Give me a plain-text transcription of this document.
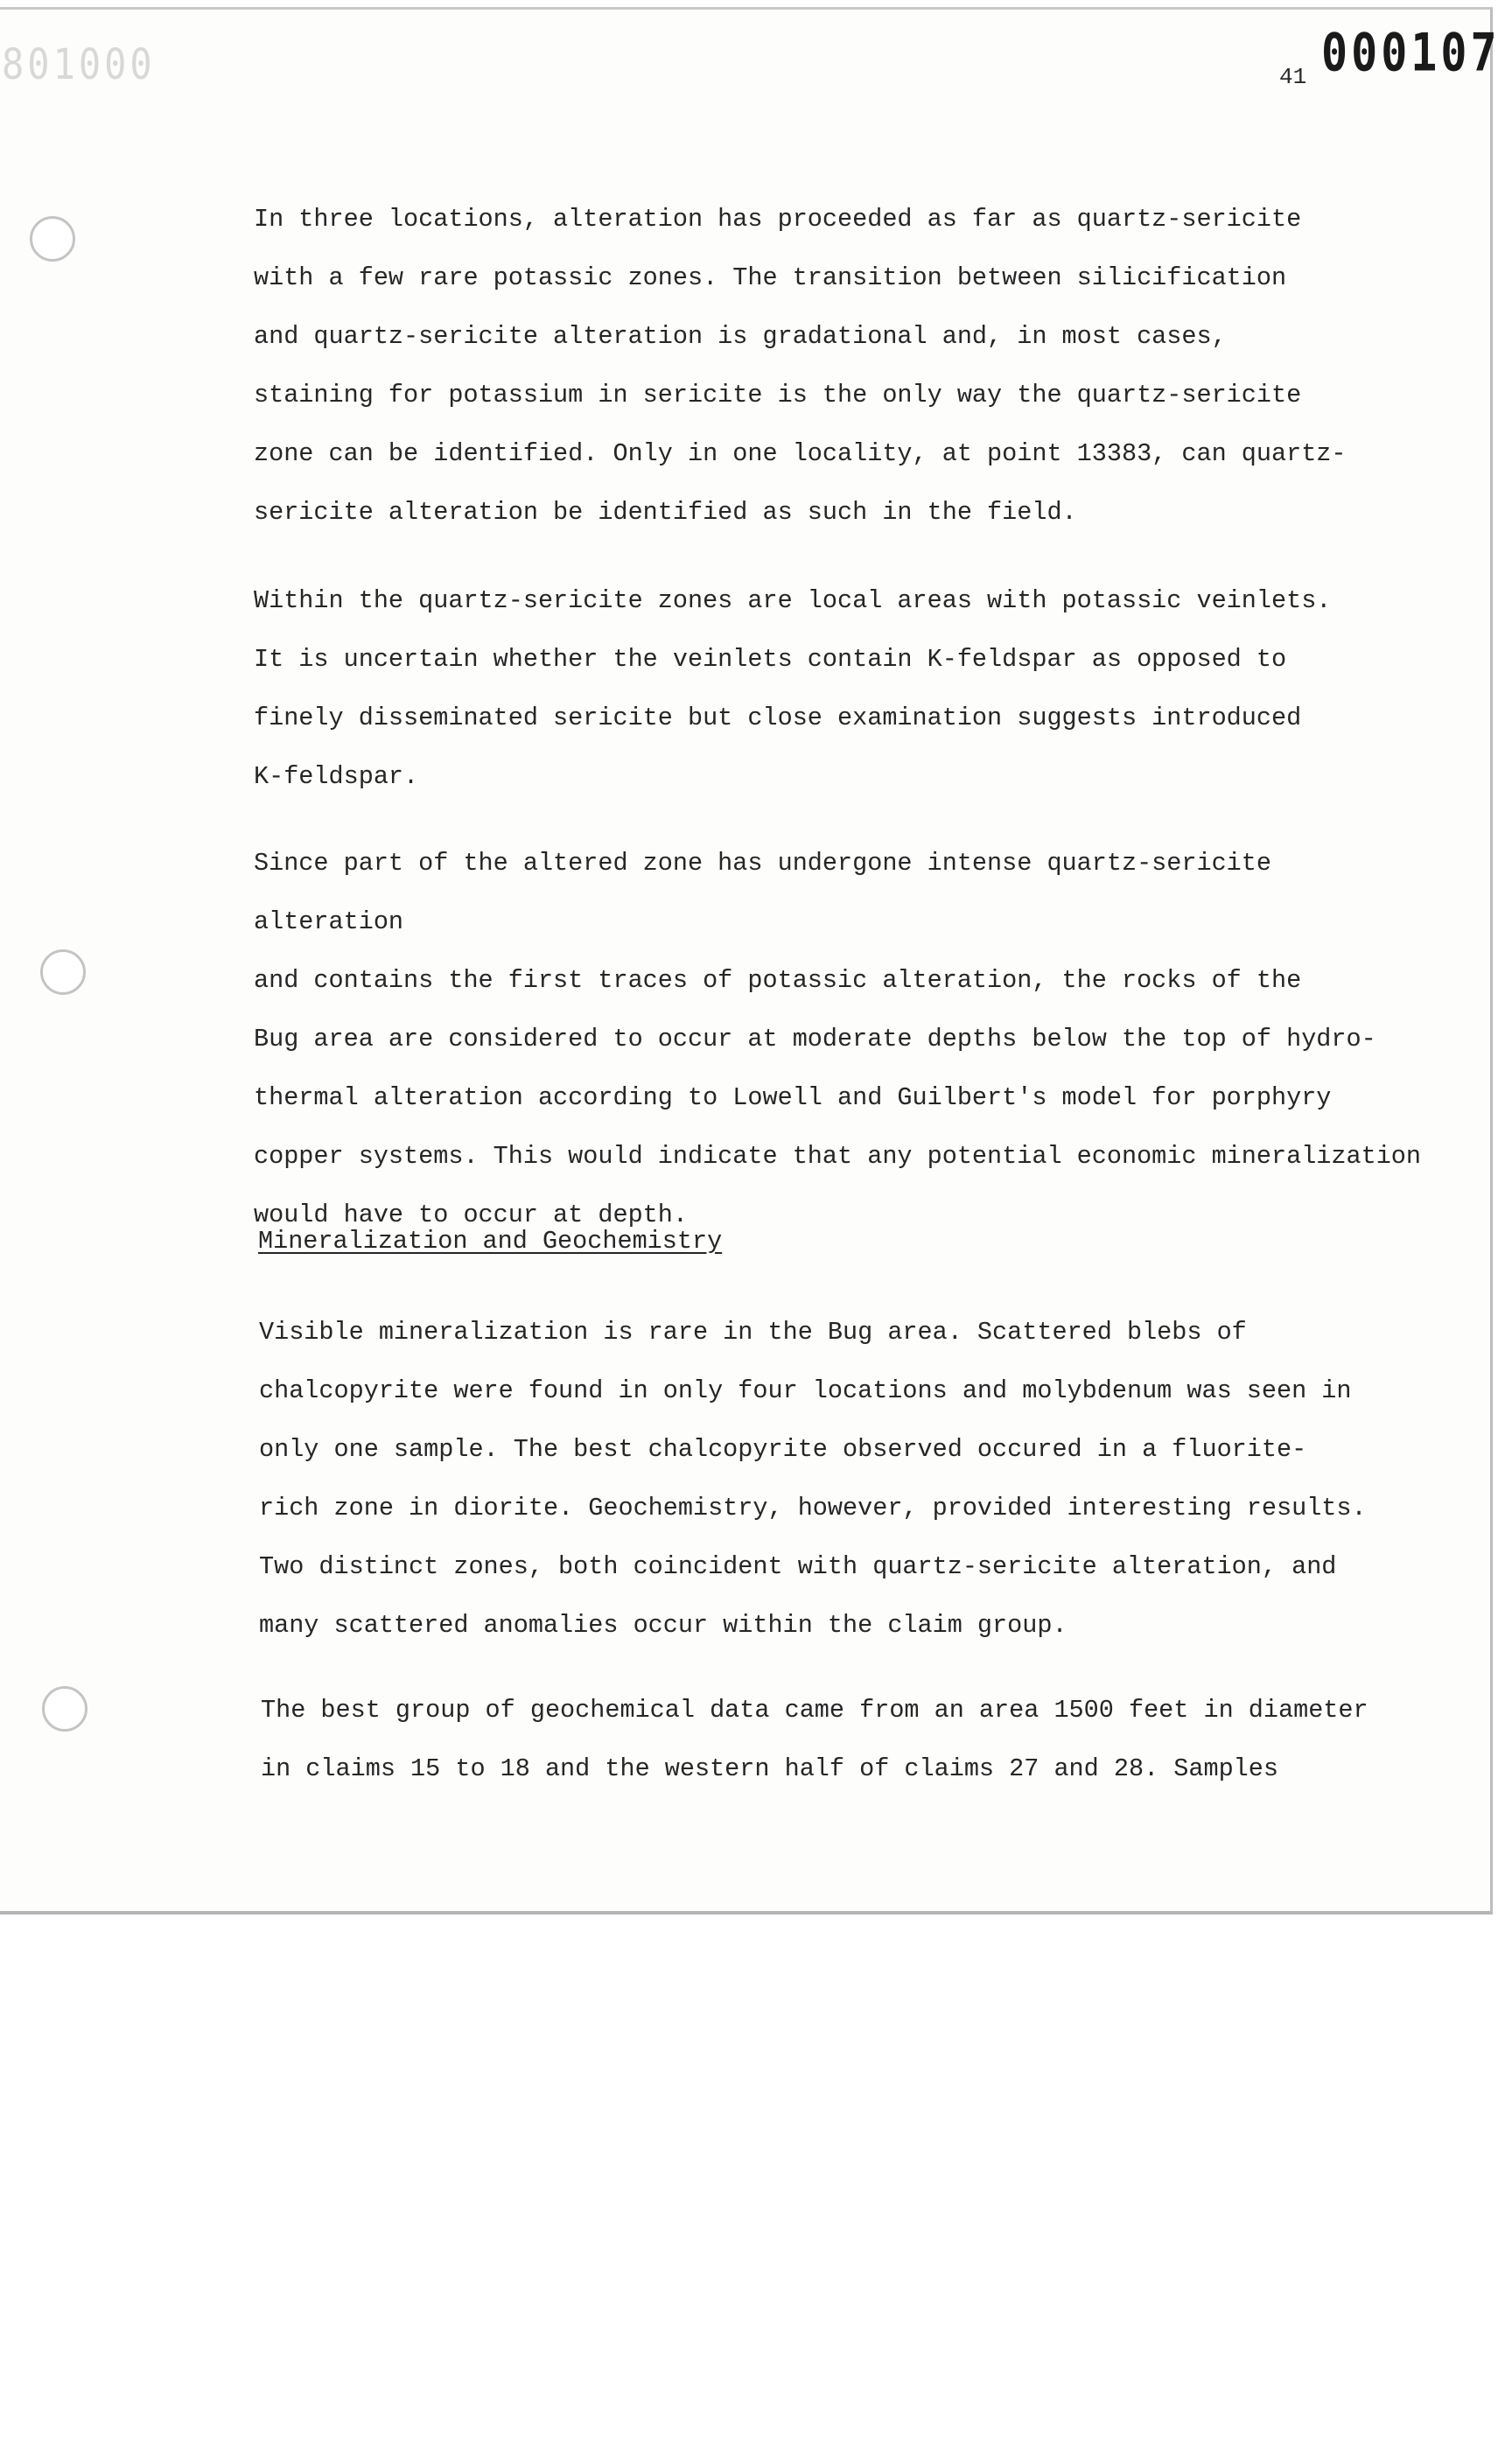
801000	000107
41

In three locations, alteration has proceeded as far as quartz-sericite
with a few rare potassic zones. The transition between silicification
and quartz-sericite alteration is gradational and, in most cases,
staining for potassium in sericite is the only way the quartz-sericite
zone can be identified. Only in one locality, at point 13383, can quartz-
sericite alteration be identified as such in the field.

Within the quartz-sericite zones are local areas with potassic veinlets.
It is uncertain whether the veinlets contain K-feldspar as opposed to
finely disseminated sericite but close examination suggests introduced
K-feldspar.

Since part of the altered zone has undergone intense quartz-sericite alteration
and contains the first traces of potassic alteration, the rocks of the
Bug area are considered to occur at moderate depths below the top of hydro-
thermal alteration according to Lowell and Guilbert's model for porphyry
copper systems. This would indicate that any potential economic mineralization
would have to occur at depth.

Mineralization and Geochemistry

Visible mineralization is rare in the Bug area. Scattered blebs of
chalcopyrite were found in only four locations and molybdenum was seen in
only one sample. The best chalcopyrite observed occured in a fluorite-
rich zone in diorite. Geochemistry, however, provided interesting results.
Two distinct zones, both coincident with quartz-sericite alteration, and
many scattered anomalies occur within the claim group.

The best group of geochemical data came from an area 1500 feet in diameter
in claims 15 to 18 and the western half of claims 27 and 28. Samples
